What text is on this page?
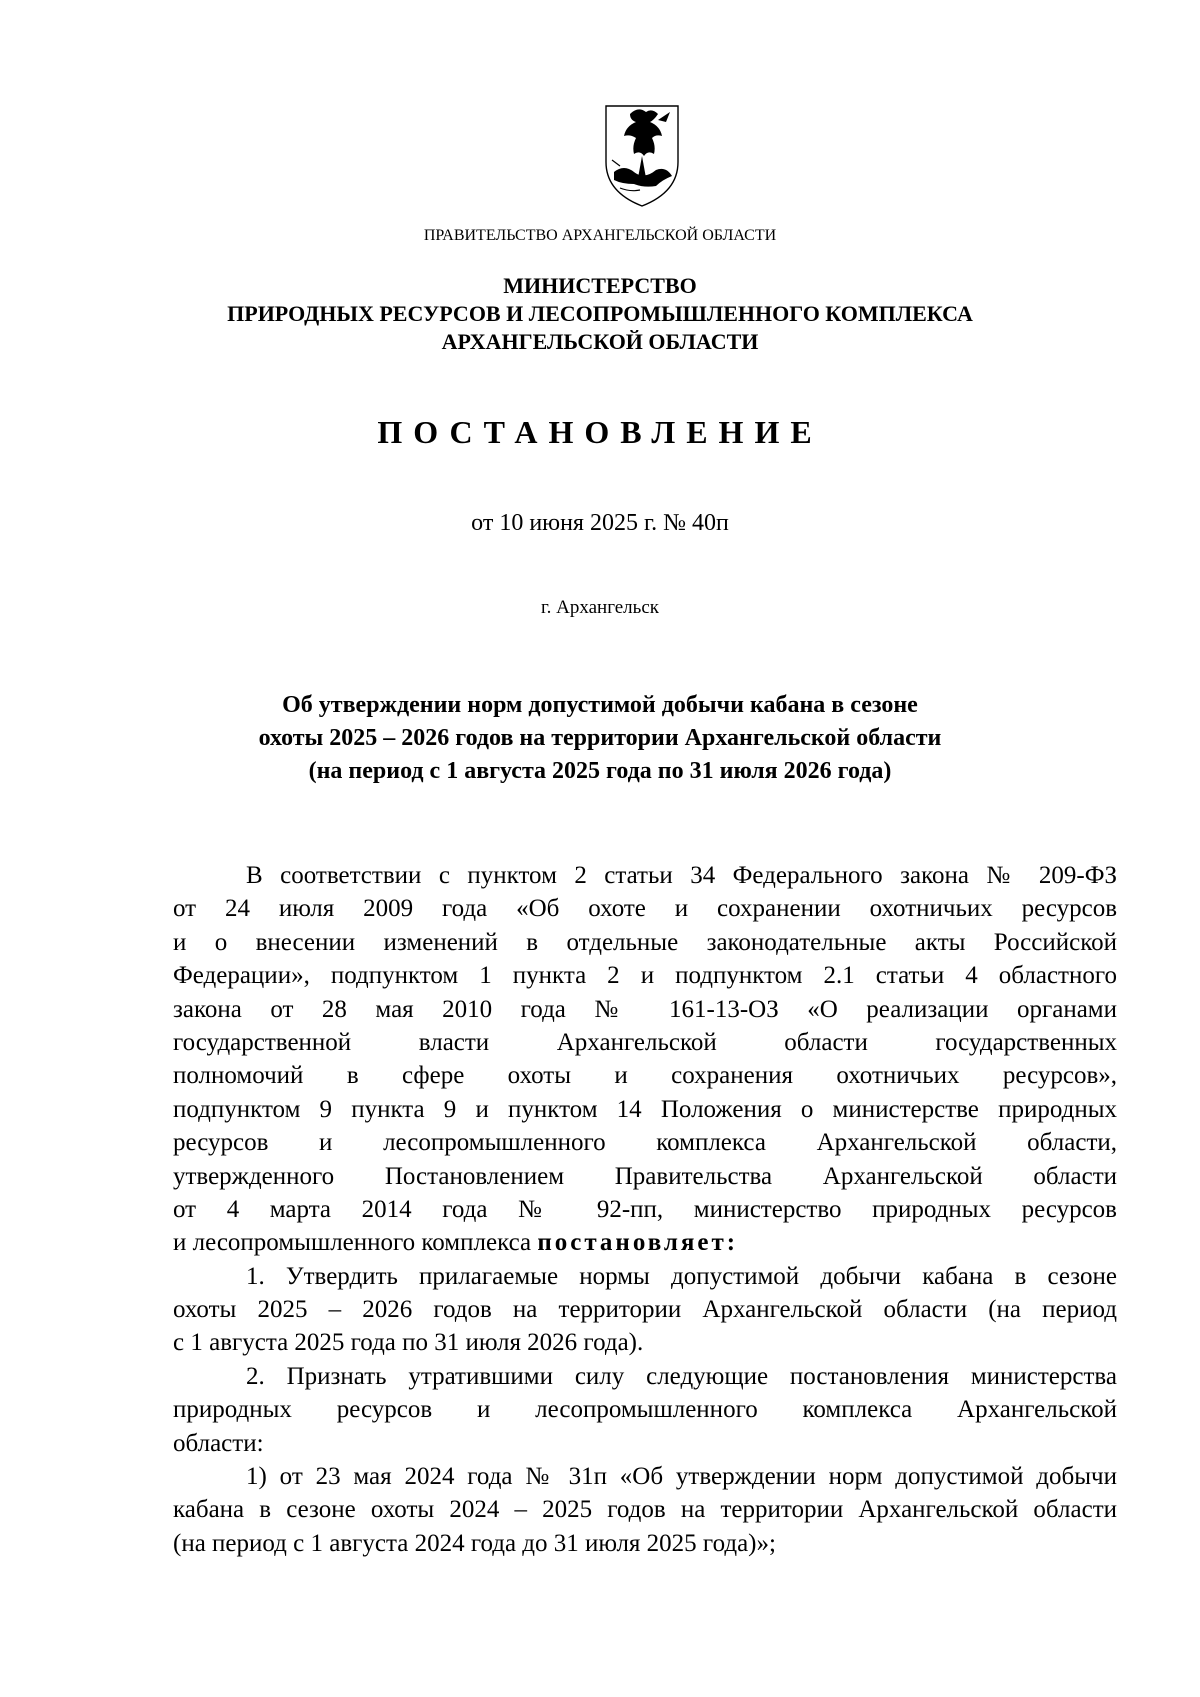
ПРАВИТЕЛЬСТВО АРХАНГЕЛЬСКОЙ ОБЛАСТИ
МИНИСТЕРСТВО
ПРИРОДНЫХ РЕСУРСОВ И ЛЕСОПРОМЫШЛЕННОГО КОМПЛЕКСА
АРХАНГЕЛЬСКОЙ ОБЛАСТИ
ПОСТАНОВЛЕНИЕ
от 10 июня 2025 г. № 40п
г. Архангельск
Об утверждении норм допустимой добычи кабана в сезоне
охоты 2025 – 2026 годов на территории Архангельской области
(на период с 1 августа 2025 года по 31 июля 2026 года)
В соответствии с пунктом 2 статьи 34 Федерального закона № 209-ФЗ
от 24 июля 2009 года «Об охоте и сохранении охотничьих ресурсов
и о внесении изменений в отдельные законодательные акты Российской
Федерации», подпунктом 1 пункта 2 и подпунктом 2.1 статьи 4 областного
закона от 28 мая 2010 года № 161-13-ОЗ «О реализации органами
государственной власти Архангельской области государственных
полномочий в сфере охоты и сохранения охотничьих ресурсов»,
подпунктом 9 пункта 9 и пунктом 14 Положения о министерстве природных
ресурсов и лесопромышленного комплекса Архангельской области,
утвержденного Постановлением Правительства Архангельской области
от 4 марта 2014 года № 92-пп, министерство природных ресурсов
и лесопромышленного комплекса постановляет:
1. Утвердить прилагаемые нормы допустимой добычи кабана в сезоне
охоты 2025 – 2026 годов на территории Архангельской области (на период
с 1 августа 2025 года по 31 июля 2026 года).
2. Признать утратившими силу следующие постановления министерства
природных ресурсов и лесопромышленного комплекса Архангельской
области:
1) от 23 мая 2024 года № 31п «Об утверждении норм допустимой добычи
кабана в сезоне охоты 2024 – 2025 годов на территории Архангельской области
(на период с 1 августа 2024 года до 31 июля 2025 года)»;
